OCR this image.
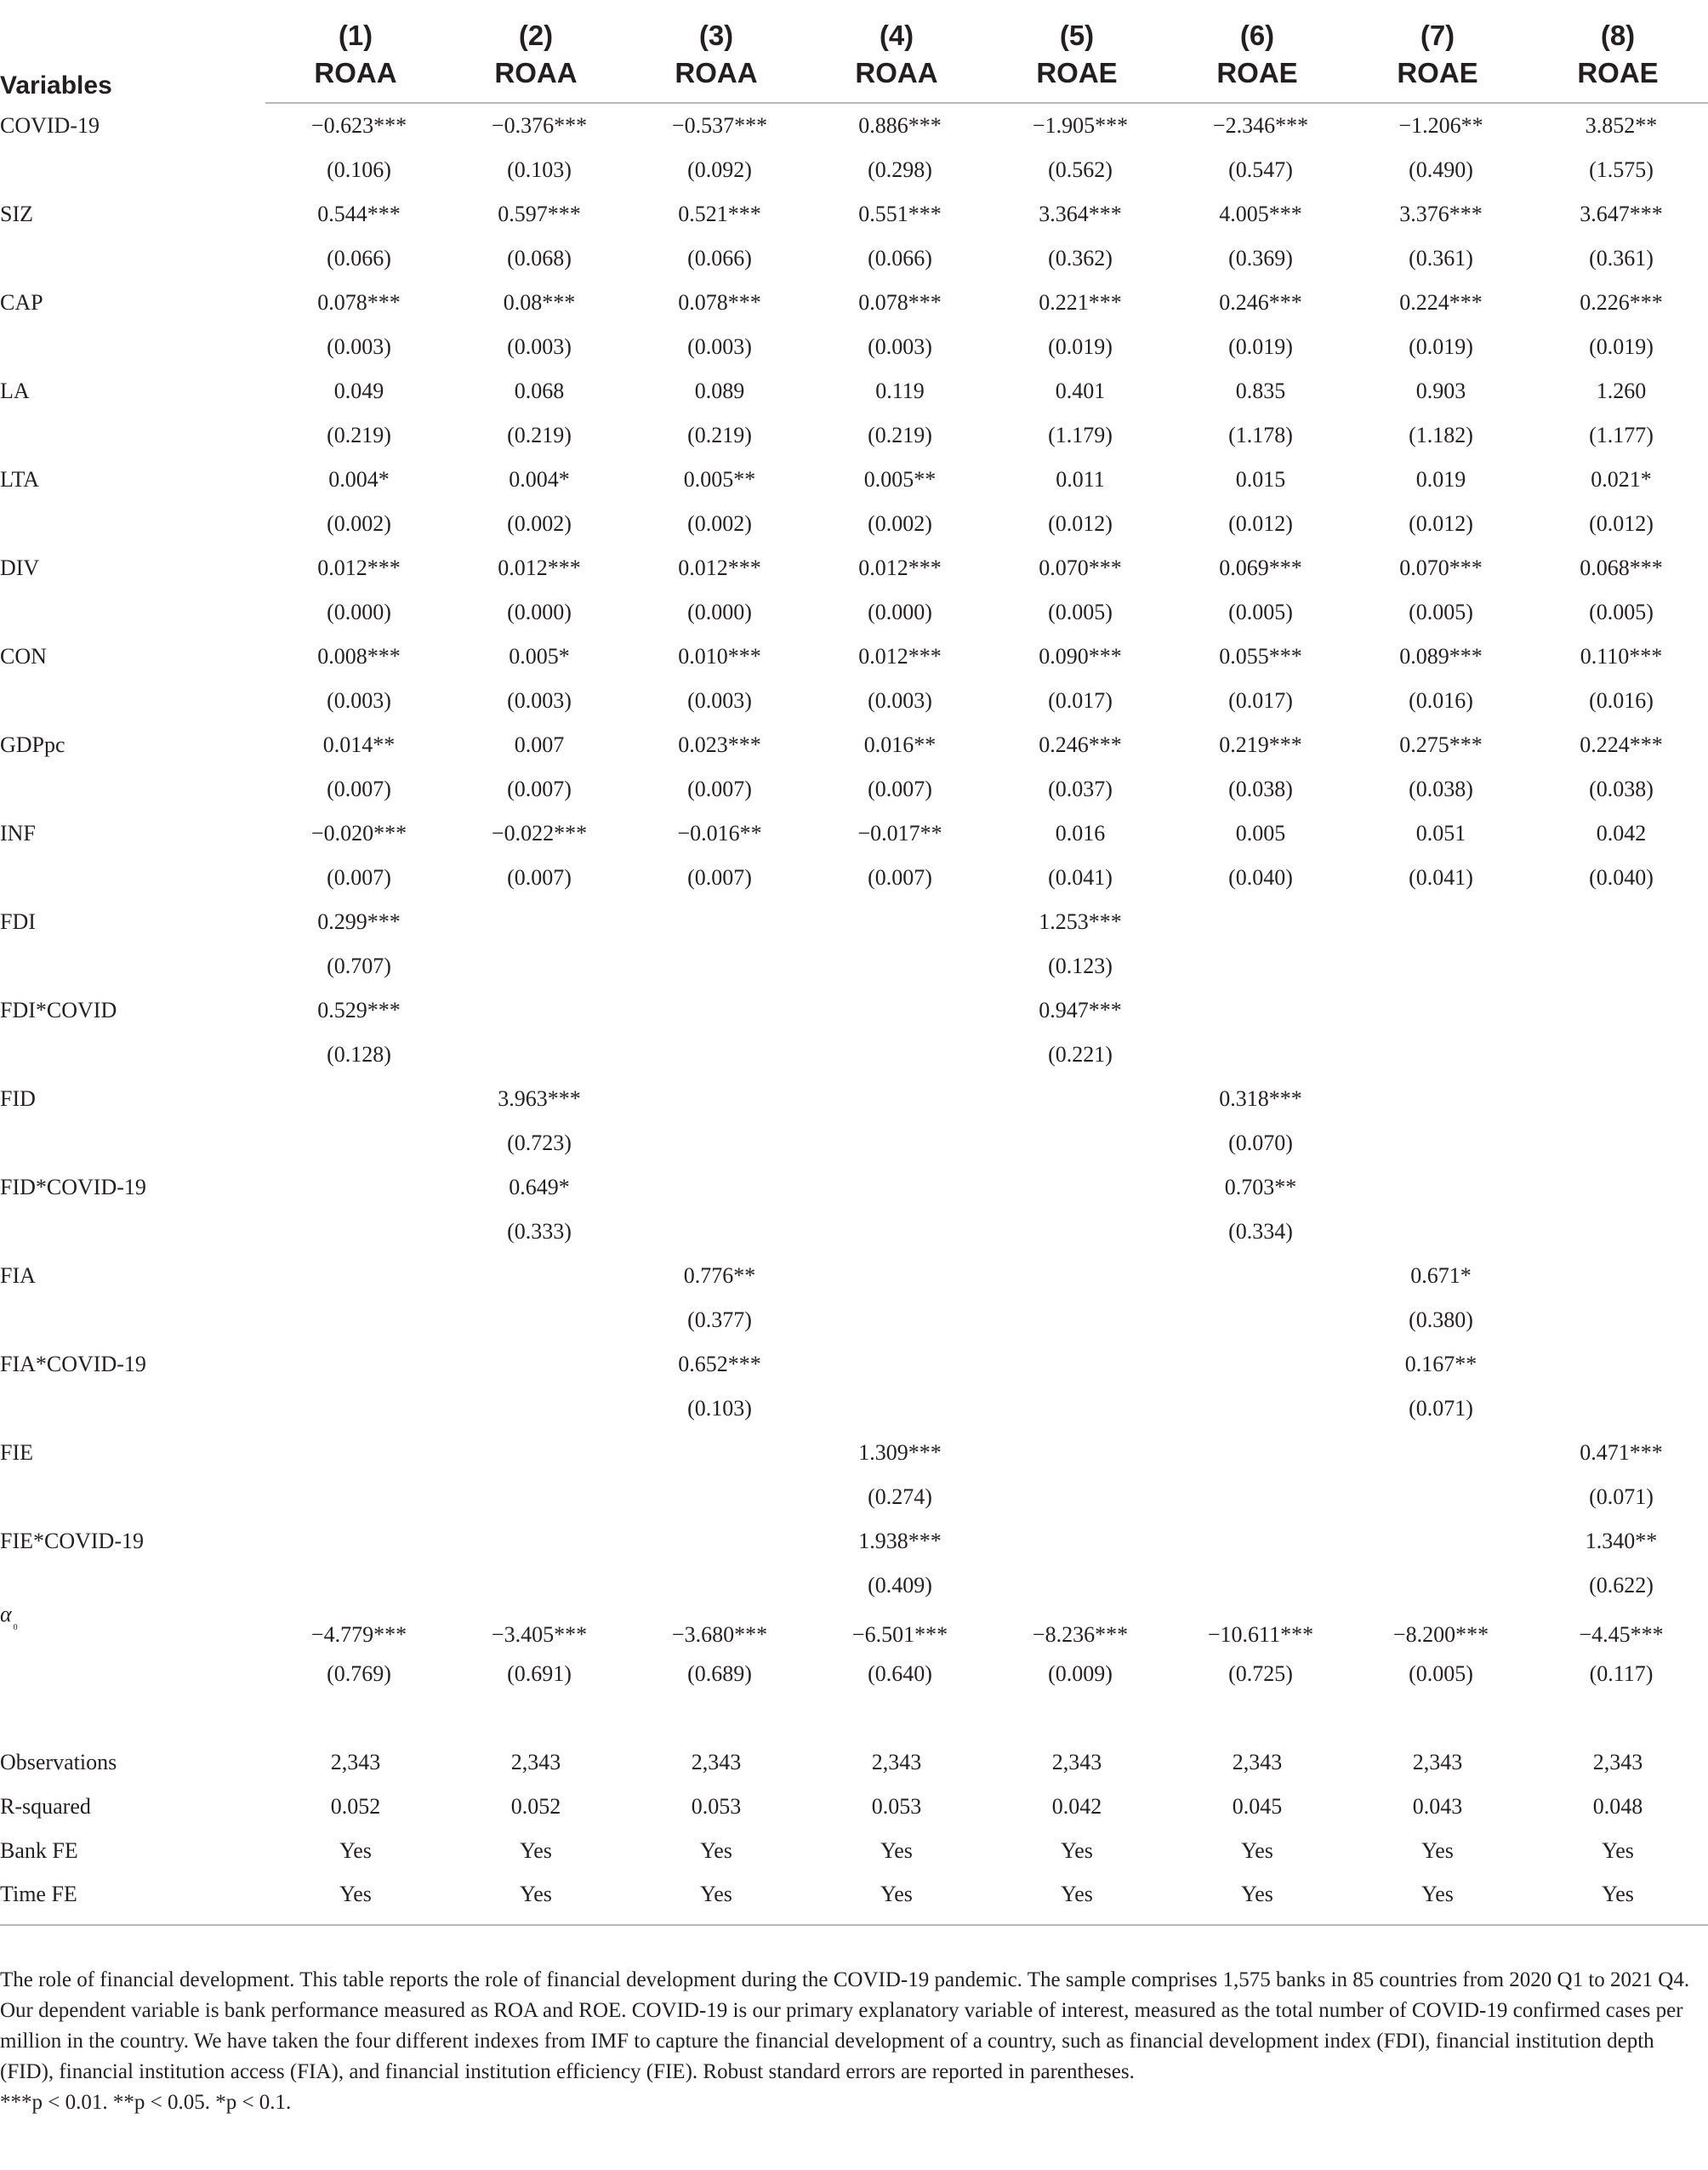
Variables	(1)	(2)	(3)	(4)	(5)	(6)	(7)	(8)
	ROAA	ROAA	ROAA	ROAA	ROAE	ROAE	ROAE	ROAE
COVID-19	−0.623***	−0.376***	−0.537***	0.886***	−1.905***	−2.346***	−1.206**	3.852**
	(0.106)	(0.103)	(0.092)	(0.298)	(0.562)	(0.547)	(0.490)	(1.575)
SIZ	0.544***	0.597***	0.521***	0.551***	3.364***	4.005***	3.376***	3.647***
	(0.066)	(0.068)	(0.066)	(0.066)	(0.362)	(0.369)	(0.361)	(0.361)
CAP	0.078***	0.08***	0.078***	0.078***	0.221***	0.246***	0.224***	0.226***
	(0.003)	(0.003)	(0.003)	(0.003)	(0.019)	(0.019)	(0.019)	(0.019)
LA	0.049	0.068	0.089	0.119	0.401	0.835	0.903	1.260
	(0.219)	(0.219)	(0.219)	(0.219)	(1.179)	(1.178)	(1.182)	(1.177)
LTA	0.004*	0.004*	0.005**	0.005**	0.011	0.015	0.019	0.021*
	(0.002)	(0.002)	(0.002)	(0.002)	(0.012)	(0.012)	(0.012)	(0.012)
DIV	0.012***	0.012***	0.012***	0.012***	0.070***	0.069***	0.070***	0.068***
	(0.000)	(0.000)	(0.000)	(0.000)	(0.005)	(0.005)	(0.005)	(0.005)
CON	0.008***	0.005*	0.010***	0.012***	0.090***	0.055***	0.089***	0.110***
	(0.003)	(0.003)	(0.003)	(0.003)	(0.017)	(0.017)	(0.016)	(0.016)
GDPpc	0.014**	0.007	0.023***	0.016**	0.246***	0.219***	0.275***	0.224***
	(0.007)	(0.007)	(0.007)	(0.007)	(0.037)	(0.038)	(0.038)	(0.038)
INF	−0.020***	−0.022***	−0.016**	−0.017**	0.016	0.005	0.051	0.042
	(0.007)	(0.007)	(0.007)	(0.007)	(0.041)	(0.040)	(0.041)	(0.040)
FDI	0.299***				1.253***			
	(0.707)				(0.123)			
FDI*COVID	0.529***				0.947***			
	(0.128)				(0.221)			
FID		3.963***				0.318***		
		(0.723)				(0.070)		
FID*COVID-19		0.649*				0.703**		
		(0.333)				(0.334)		
FIA			0.776**				0.671*	
			(0.377)				(0.380)	
FIA*COVID-19			0.652***				0.167**	
			(0.103)				(0.071)	
FIE				1.309***				0.471***
				(0.274)				(0.071)
FIE*COVID-19				1.938***				1.340**
				(0.409)				(0.622)
$\alpha^0$	−4.779***	−3.405***	−3.680***	−6.501***	−8.236***	−10.611***	−8.200***	−4.45***
	(0.769)	(0.691)	(0.689)	(0.640)	(0.009)	(0.725)	(0.005)	(0.117)

Observations	2,343	2,343	2,343	2,343	2,343	2,343	2,343	2,343
R-squared	0.052	0.052	0.053	0.053	0.042	0.045	0.043	0.048
Bank FE	Yes	Yes	Yes	Yes	Yes	Yes	Yes	Yes
Time FE	Yes	Yes	Yes	Yes	Yes	Yes	Yes	Yes

The role of financial development. This table reports the role of financial development during the COVID-19 pandemic. The sample comprises 1,575 banks in 85 countries from 2020 Q1 to 2021 Q4. Our dependent variable is bank performance measured as ROA and ROE. COVID-19 is our primary explanatory variable of interest, measured as the total number of COVID-19 confirmed cases per million in the country. We have taken the four different indexes from IMF to capture the financial development of a country, such as financial development index (FDI), financial institution depth (FID), financial institution access (FIA), and financial institution efficiency (FIE). Robust standard errors are reported in parentheses.

***p < 0.01. **p < 0.05. *p < 0.1.
